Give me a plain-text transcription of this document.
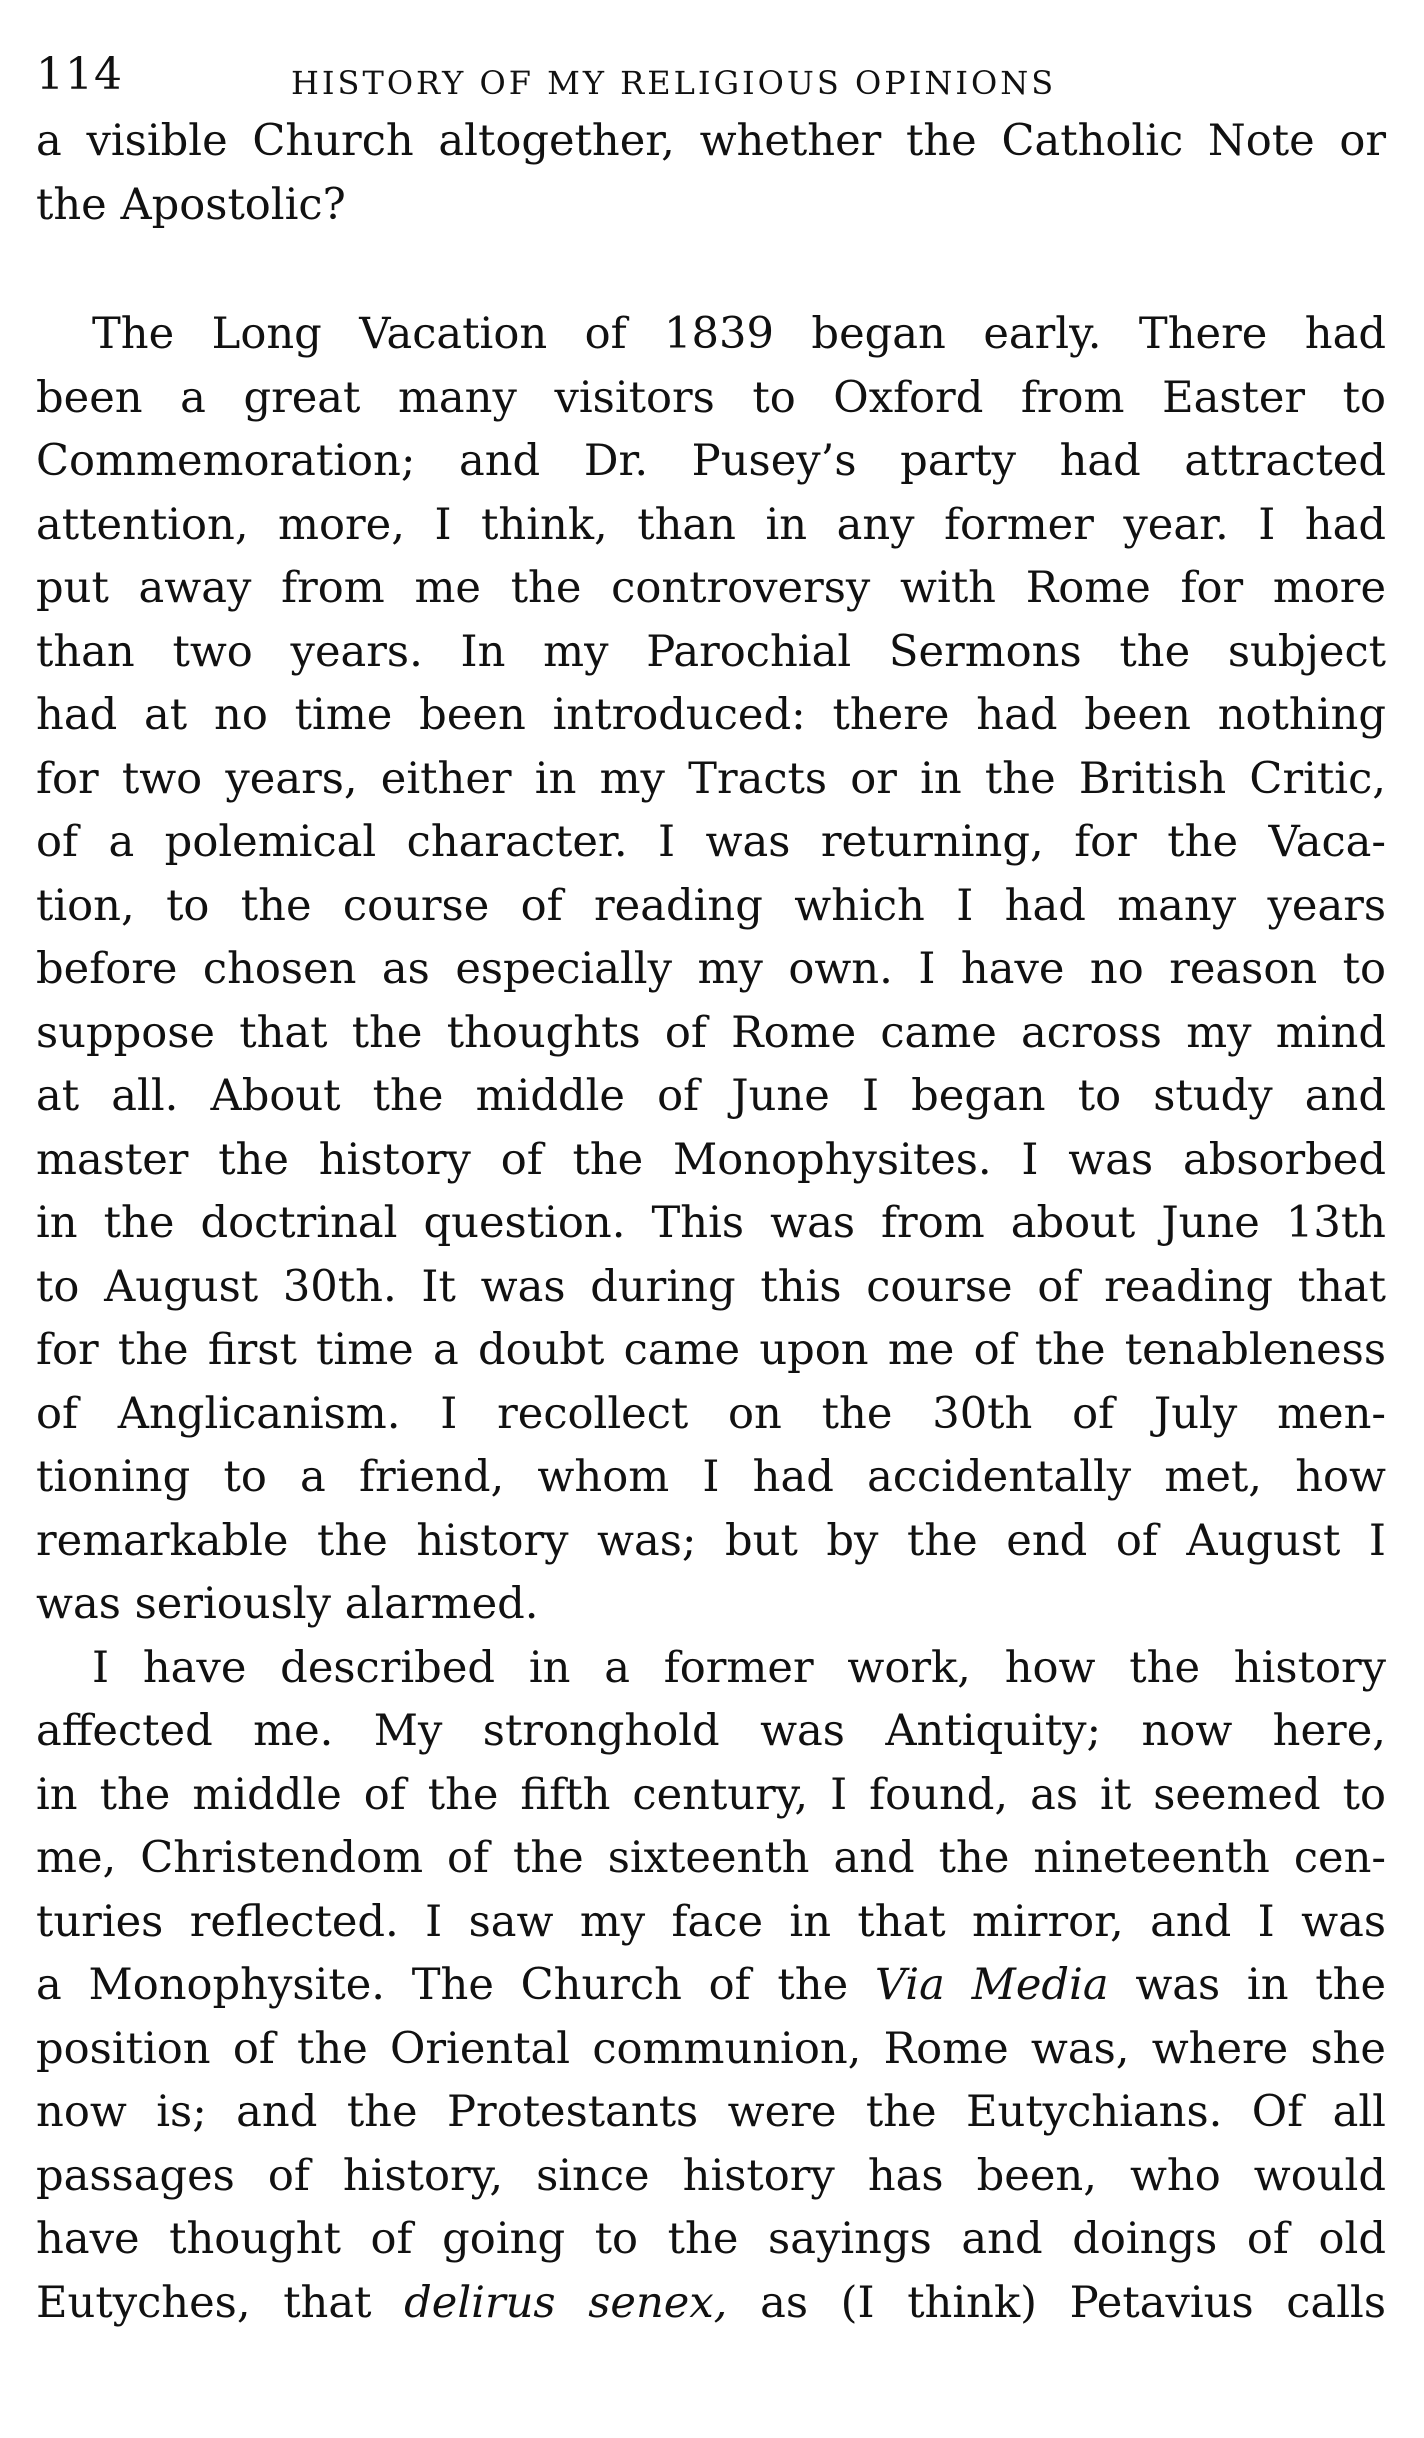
114	HISTORY OF MY RELIGIOUS OPINIONS
a visible Church altogether, whether the Catholic Note or
the Apostolic?
The Long Vacation of 1839 began early. There had
been a great many visitors to Oxford from Easter to
Commemoration; and Dr. Pusey’s party had attracted
attention, more, I think, than in any former year. I had
put away from me the controversy with Rome for more
than two years. In my Parochial Sermons the subject
had at no time been introduced: there had been nothing
for two years, either in my Tracts or in the British Critic,
of a polemical character. I was returning, for the Vaca-
tion, to the course of reading which I had many years
before chosen as especially my own. I have no reason to
suppose that the thoughts of Rome came across my mind
at all. About the middle of June I began to study and
master the history of the Monophysites. I was absorbed
in the doctrinal question. This was from about June 13th
to August 30th. It was during this course of reading that
for the first time a doubt came upon me of the tenableness
of Anglicanism. I recollect on the 30th of July men-
tioning to a friend, whom I had accidentally met, how
remarkable the history was; but by the end of August I
was seriously alarmed.
I have described in a former work, how the history
affected me. My stronghold was Antiquity; now here,
in the middle of the fifth century, I found, as it seemed to
me, Christendom of the sixteenth and the nineteenth cen-
turies reflected. I saw my face in that mirror, and I was
a Monophysite. The Church of the Via Media was in the
position of the Oriental communion, Rome was, where she
now is; and the Protestants were the Eutychians. Of all
passages of history, since history has been, who would
have thought of going to the sayings and doings of old
Eutyches, that delirus senex, as (I think) Petavius calls
